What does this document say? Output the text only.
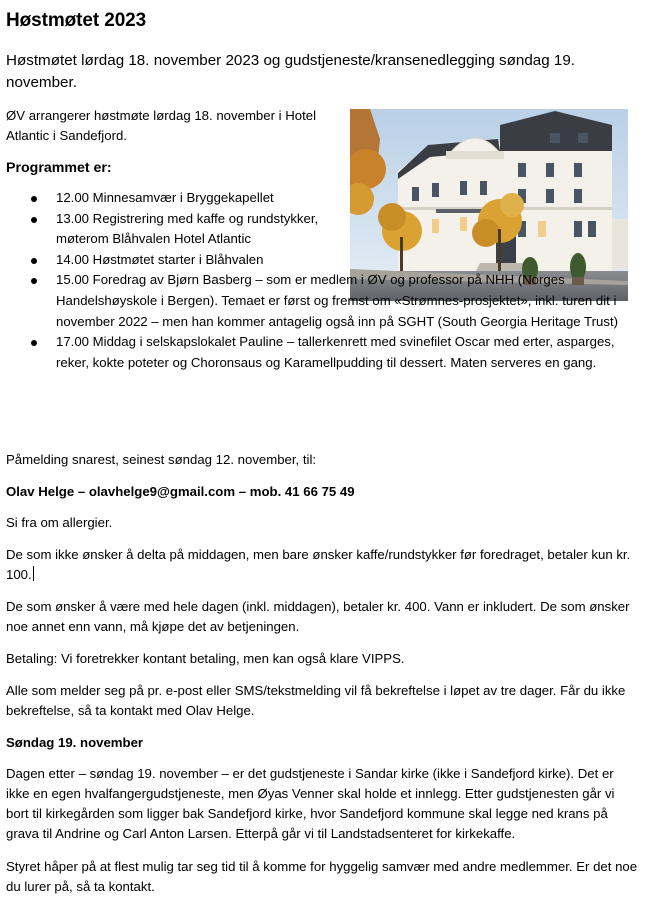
Høstmøtet 2023

Høstmøtet lørdag 18. november 2023 og gudstjeneste/kransenedlegging søndag 19. november.

ØV arrangerer høstmøte lørdag 18. november i Hotel Atlantic i Sandefjord.

Programmet er:

12.00 Minnesamvær i Bryggekapellet
13.00 Registrering med kaffe og rundstykker, møterom Blåhvalen Hotel Atlantic
14.00 Høstmøtet starter i Blåhvalen
15.00 Foredrag av Bjørn Basberg – som er medlem i ØV og professor på NHH (Norges Handelshøyskole i Bergen). Temaet er først og fremst om «Strømnes-prosjektet», inkl. turen dit i november 2022 – men han kommer antagelig også inn på SGHT (South Georgia Heritage Trust)
17.00 Middag i selskapslokalet Pauline – tallerkenrett med svinefilet Oscar med erter, asparges, reker, kokte poteter og Choronsaus og Karamellpudding til dessert. Maten serveres en gang.

Påmelding snarest, seinest søndag 12. november, til:

Olav Helge – olavhelge9@gmail.com – mob. 41 66 75 49

Si fra om allergier.

De som ikke ønsker å delta på middagen, men bare ønsker kaffe/rundstykker før foredraget, betaler kun kr. 100.

De som ønsker å være med hele dagen (inkl. middagen), betaler kr. 400. Vann er inkludert. De som ønsker noe annet enn vann, må kjøpe det av betjeningen.

Betaling: Vi foretrekker kontant betaling, men kan også klare VIPPS.

Alle som melder seg på pr. e-post eller SMS/tekstmelding vil få bekreftelse i løpet av tre dager. Får du ikke bekreftelse, så ta kontakt med Olav Helge.

Søndag 19. november

Dagen etter – søndag 19. november – er det gudstjeneste i Sandar kirke (ikke i Sandefjord kirke). Det er ikke en egen hvalfangergudstjeneste, men Øyas Venner skal holde et innlegg. Etter gudstjenesten går vi bort til kirkegården som ligger bak Sandefjord kirke, hvor Sandefjord kommune skal legge ned krans på grava til Andrine og Carl Anton Larsen. Etterpå går vi til Landstadsenteret for kirkekaffe.

Styret håper på at flest mulig tar seg tid til å komme for hyggelig samvær med andre medlemmer. Er det noe du lurer på, så ta kontakt.
